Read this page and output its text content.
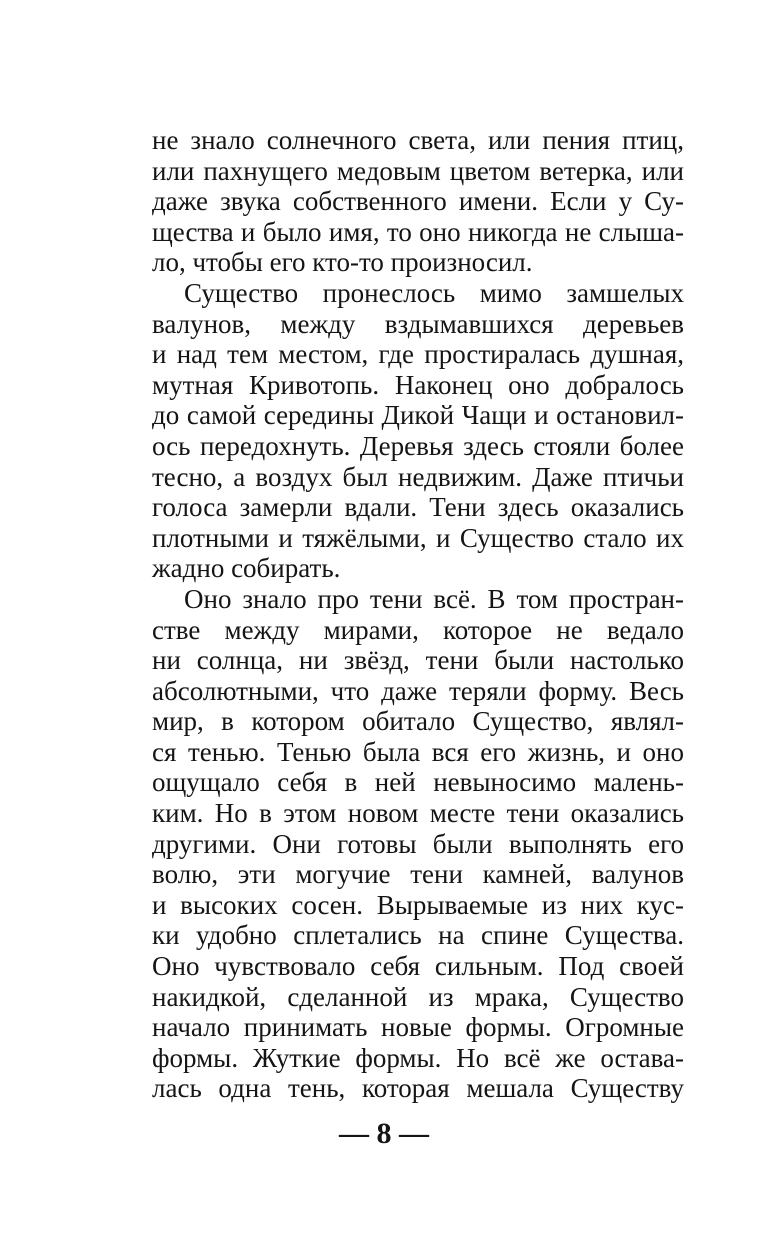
не знало солнечного света, или пения птиц,
или пахнущего медовым цветом ветерка, или
даже звука собственного имени. Если у Су-
щества и было имя, то оно никогда не слыша-
ло, чтобы его кто-то произносил.
Существо пронеслось мимо замшелых
валунов, между вздымавшихся деревьев
и над тем местом, где простиралась душная,
мутная Кривотопь. Наконец оно добралось
до самой середины Дикой Чащи и остановил-
ось передохнуть. Деревья здесь стояли более
тесно, а воздух был недвижим. Даже птичьи
голоса замерли вдали. Тени здесь оказались
плотными и тяжёлыми, и Существо стало их
жадно собирать.
Оно знало про тени всё. В том простран-
стве между мирами, которое не ведало
ни солнца, ни звёзд, тени были настолько
абсолютными, что даже теряли форму. Весь
мир, в котором обитало Существо, являл-
ся тенью. Тенью была вся его жизнь, и оно
ощущало себя в ней невыносимо малень-
ким. Но в этом новом месте тени оказались
другими. Они готовы были выполнять его
волю, эти могучие тени камней, валунов
и высоких сосен. Вырываемые из них кус-
ки удобно сплетались на спине Существа.
Оно чувствовало себя сильным. Под своей
накидкой, сделанной из мрака, Существо
начало принимать новые формы. Огромные
формы. Жуткие формы. Но всё же остава-
лась одна тень, которая мешала Существу
— 8 —
